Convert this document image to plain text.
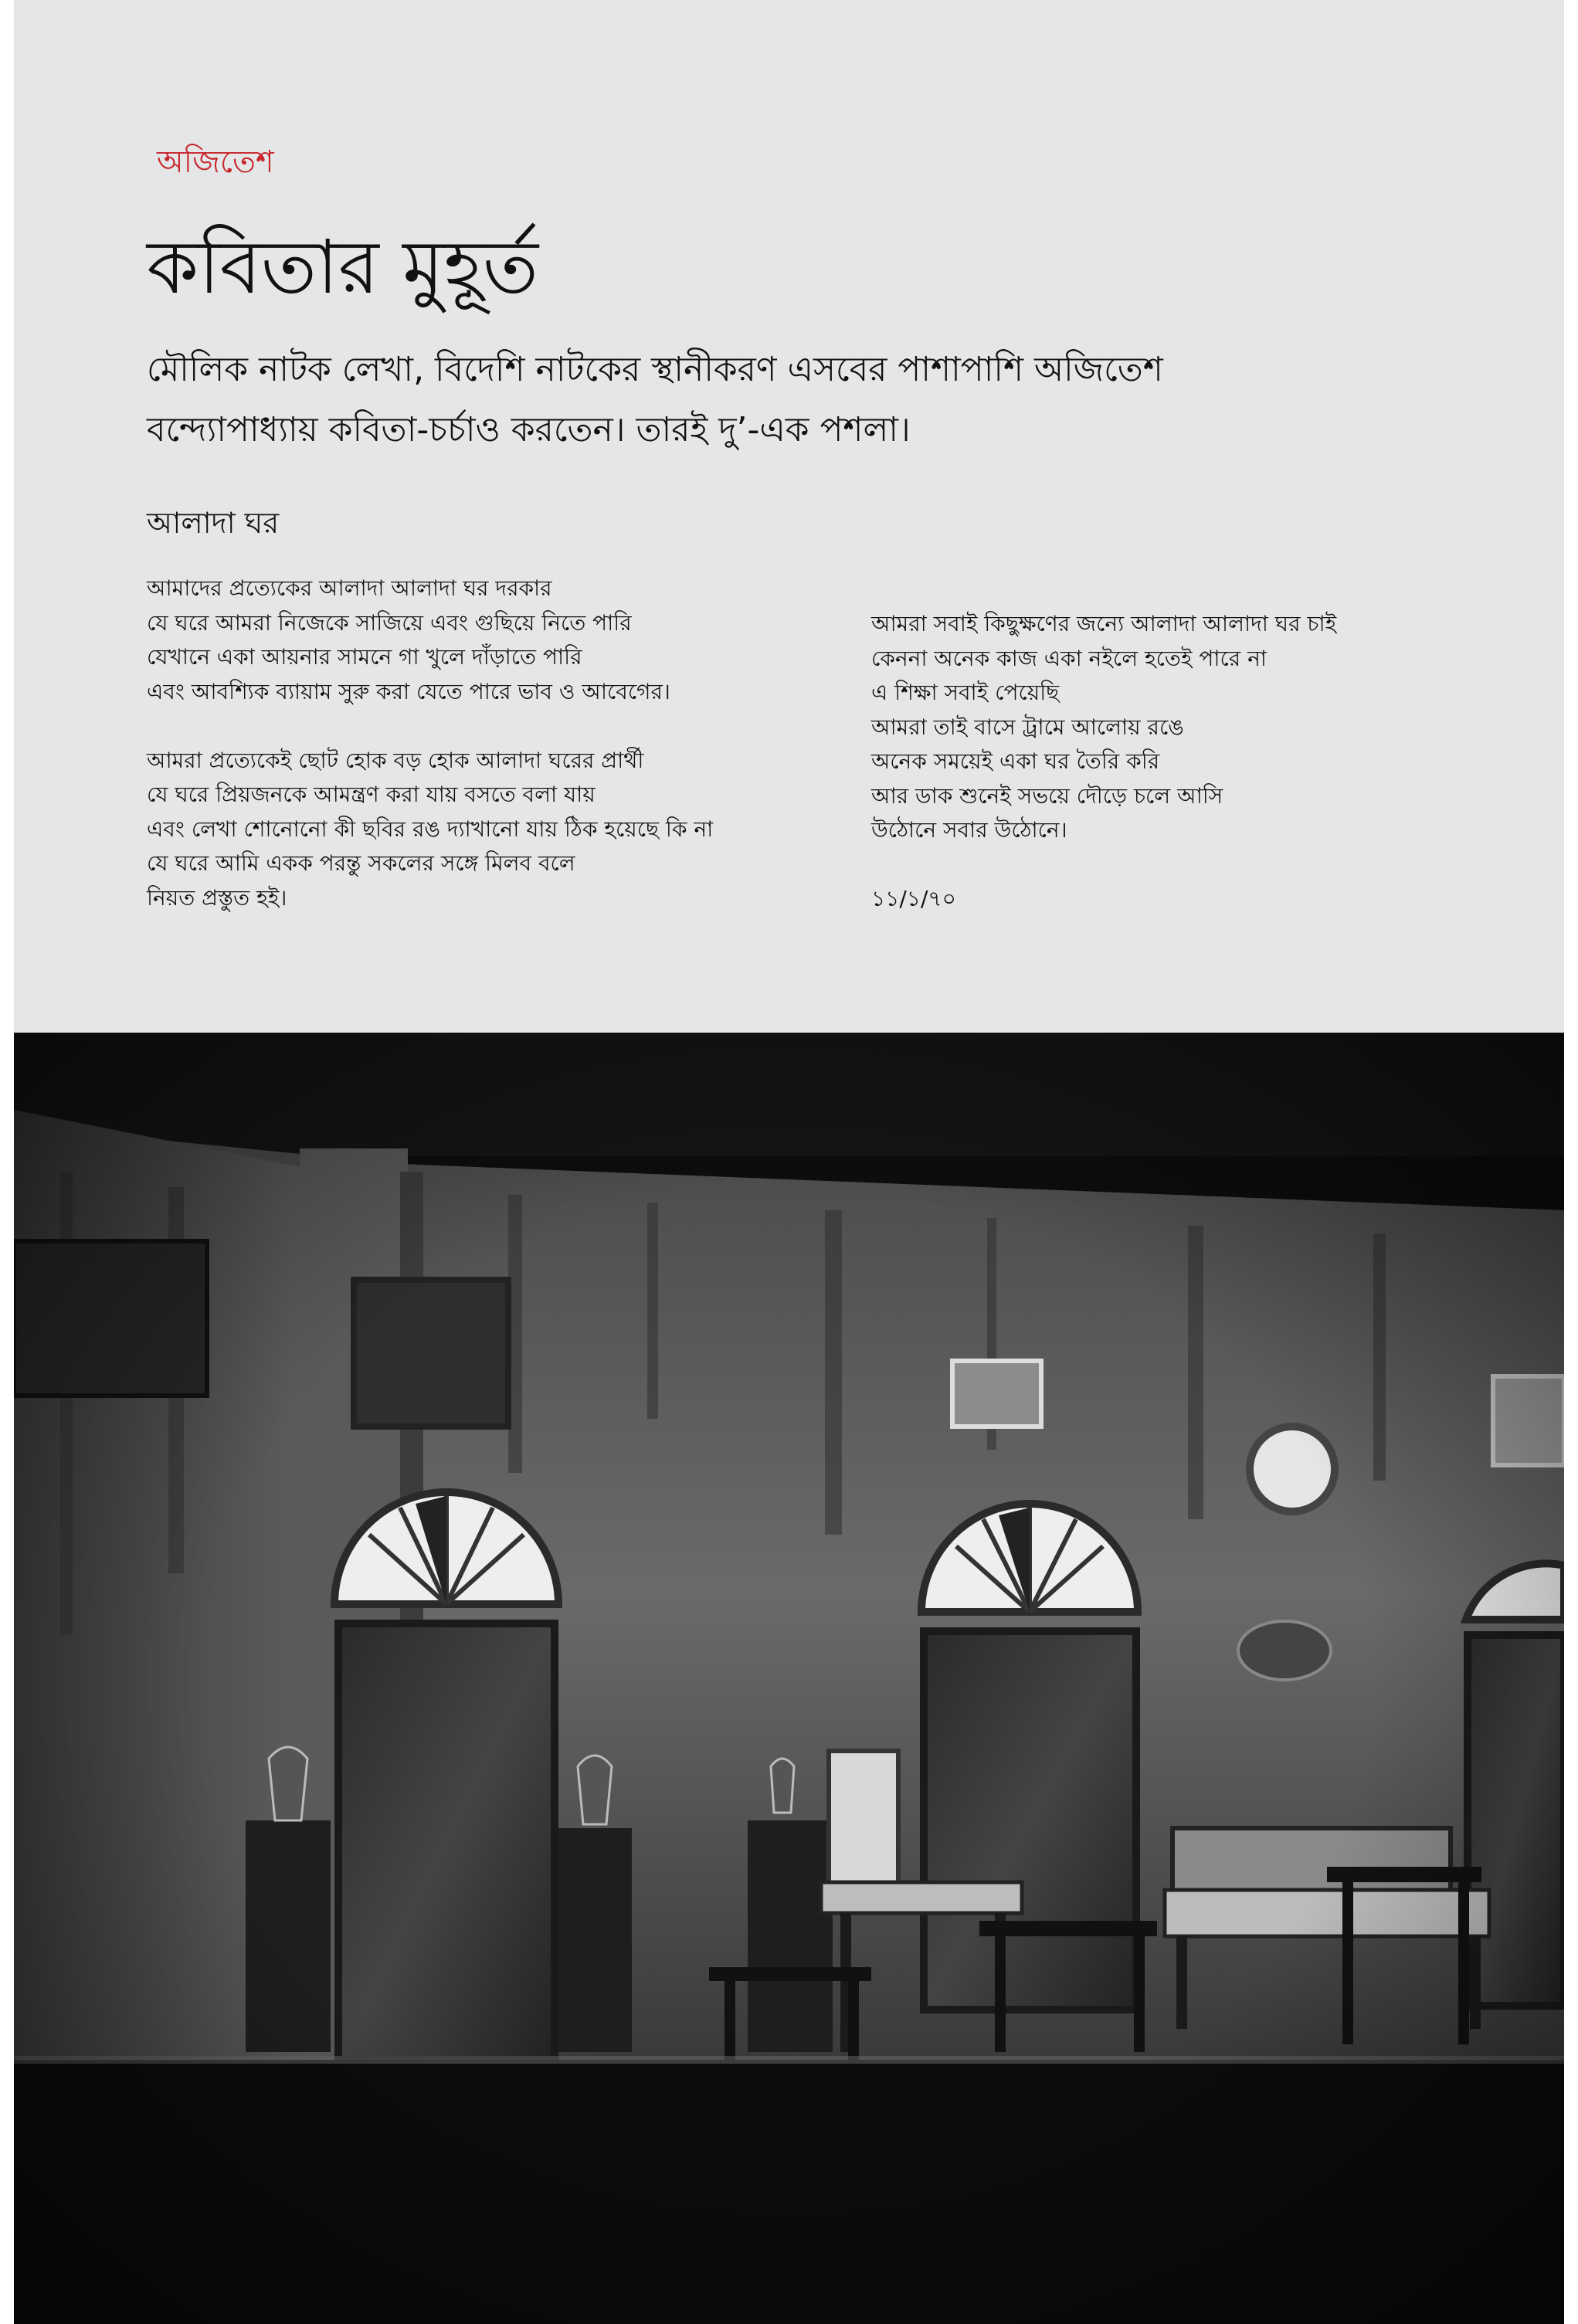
অজিতেশ
কবিতার মুহূর্ত
মৌলিক নাটক লেখা, বিদেশি নাটকের স্থানীকরণ এসবের পাশাপাশি অজিতেশ
বন্দ্যোপাধ্যায় কবিতা-চর্চাও করতেন। তারই দু’-এক পশলা।
আলাদা ঘর
আমাদের প্রত্যেকের আলাদা আলাদা ঘর দরকার
যে ঘরে আমরা নিজেকে সাজিয়ে এবং গুছিয়ে নিতে পারি
যেখানে একা আয়নার সামনে গা খুলে দাঁড়াতে পারি
এবং আবশ্যিক ব্যায়াম সুরু করা যেতে পারে ভাব ও আবেগের।
আমরা প্রত্যেকেই ছোট হোক বড় হোক আলাদা ঘরের প্রার্থী
যে ঘরে প্রিয়জনকে আমন্ত্রণ করা যায় বসতে বলা যায়
এবং লেখা শোনোনো কী ছবির রঙ দ্যাখানো যায় ঠিক হয়েছে কি না
যে ঘরে আমি একক পরন্তু সকলের সঙ্গে মিলব বলে
নিয়ত প্রস্তুত হই।
আমরা সবাই কিছুক্ষণের জন্যে আলাদা আলাদা ঘর চাই
কেননা অনেক কাজ একা নইলে হতেই পারে না
এ শিক্ষা সবাই পেয়েছি
আমরা তাই বাসে ট্রামে আলোয় রঙে
অনেক সময়েই একা ঘর তৈরি করি
আর ডাক শুনেই সভয়ে দৌড়ে চলে আসি
উঠোনে সবার উঠোনে।
১১/১/৭০
